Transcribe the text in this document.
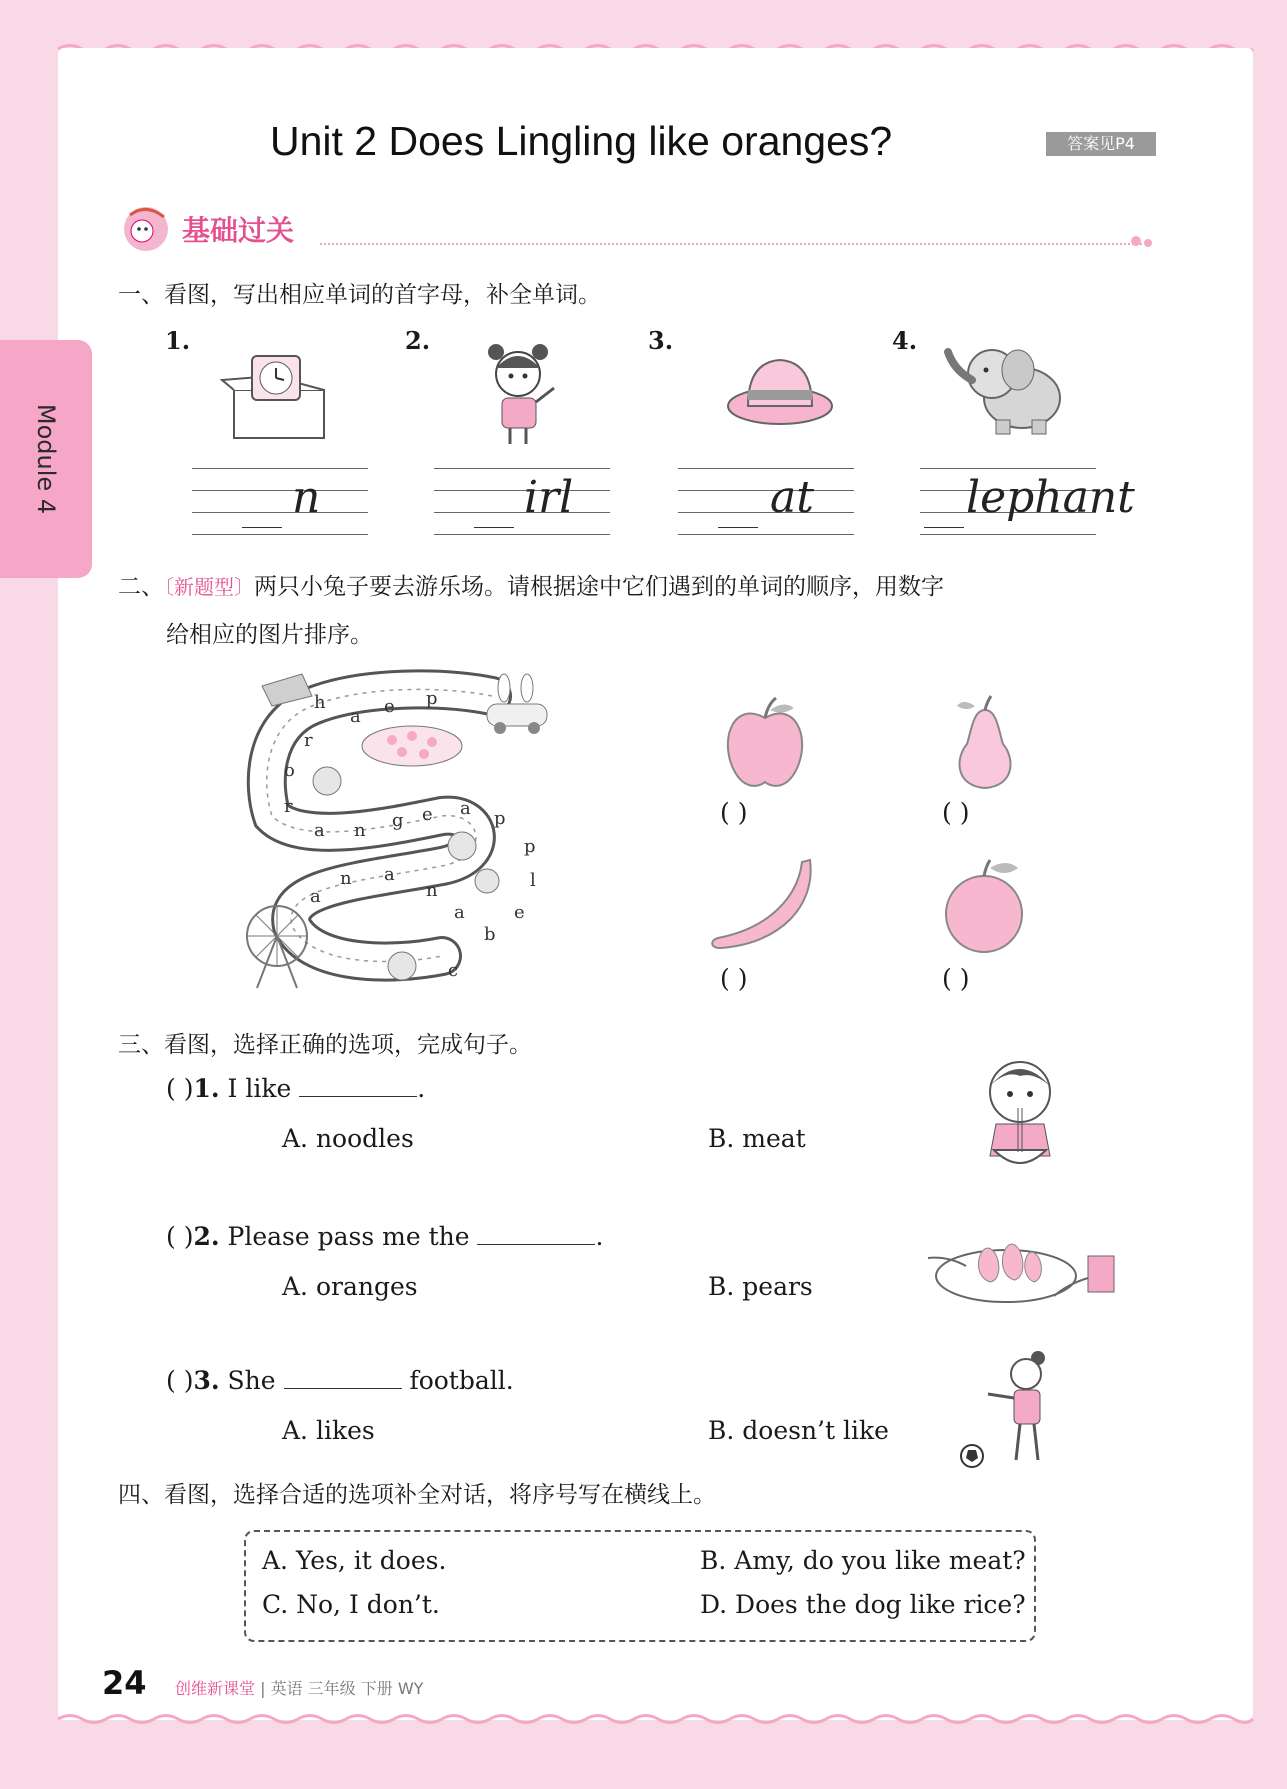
Module 4
Unit 2 Does Lingling like oranges?	答案见P4
基础过关
一、看图，写出相应单词的首字母，补全单词。
1.
n
2.
irl
3.
at
4.
lephant
二、〔新题型〕两只小兔子要去游乐场。请根据途中它们遇到的单词的顺序，用数字
给相应的图片排序。
h
a e p
r
o
r
a n g e a p
p
l
e
b
a
n
a
n
a
c
( )	( )
( )	( )
三、看图，选择正确的选项，完成句子。
( )1. I like	.
A. noodles	B. meat
( )2. Please pass me the	.
A. oranges	B. pears
( )3. She	football.
A. likes	B. doesn’t like
四、看图，选择合适的选项补全对话，将序号写在横线上。
A. Yes, it does.	B. Amy, do you like meat?
C. No, I don’t.	D. Does the dog like rice?
24 创维新课堂 | 英语 三年级 下册 WY
